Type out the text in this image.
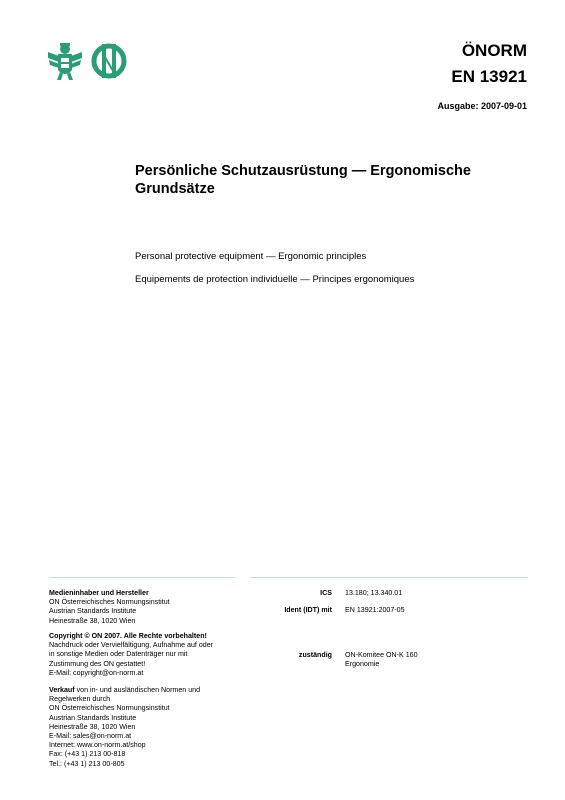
ÖNORM
EN 13921
Ausgabe: 2007-09-01
Persönliche Schutzausrüstung — Ergonomische Grundsätze
Personal protective equipment — Ergonomic principles
Equipements de protection individuelle — Principes ergonomiques
Medieninhaber und Hersteller
ON Österreichisches Normungsinstitut
Austrian Standards Institute
Heinestraße 38, 1020 Wien
Copyright © ON 2007. Alle Rechte vorbehalten!
Nachdruck oder Vervielfältigung, Aufnahme auf oder
in sonstige Medien oder Datenträger nur mit
Zustimmung des ON gestattet!
E-Mail: copyright@on-norm.at
Verkauf von in- und ausländischen Normen und
Regelwerken durch
ON Österreichisches Normungsinstitut
Austrian Standards Institute
Heinestraße 38, 1020 Wien
E-Mail: sales@on-norm.at
Internet: www.on-norm.at/shop
Fax: (+43 1) 213 00-818
Tel.: (+43 1) 213 00-805
ICS 13.180; 13.340.01
Ident (IDT) mit EN 13921:2007-05
zuständig ON-Komitee ON-K 160
Ergonomie
